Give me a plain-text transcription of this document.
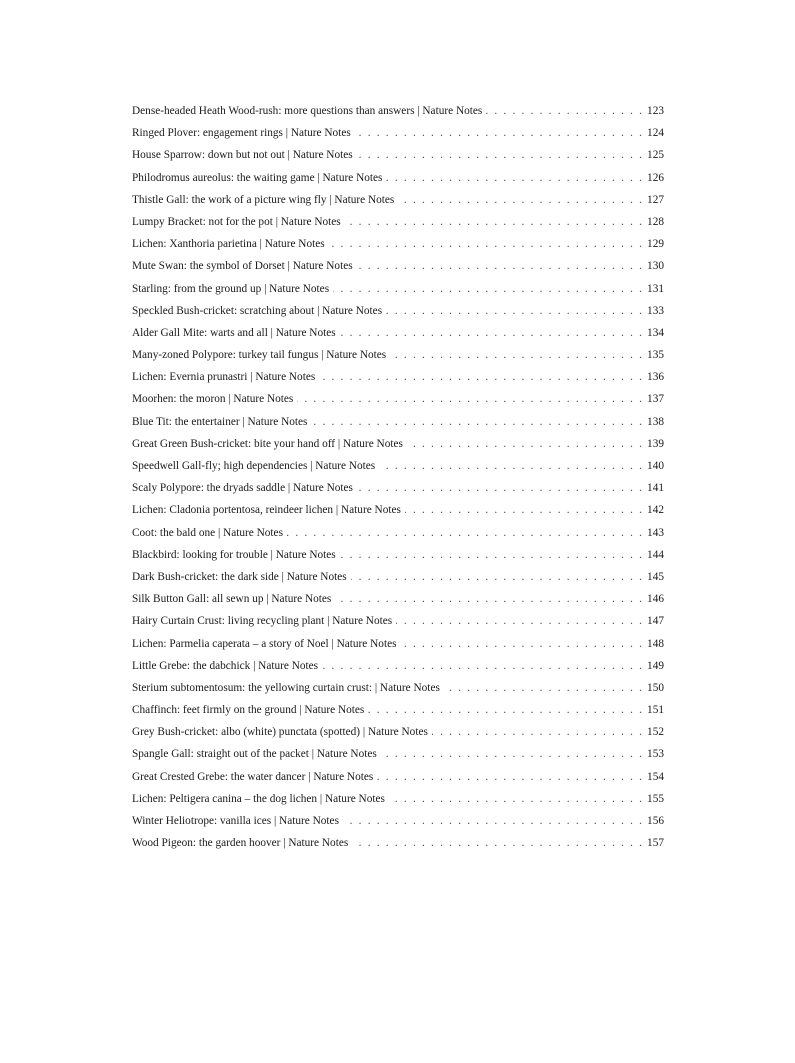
Dense-headed Heath Wood-rush: more questions than answers | Nature Notes . . .	123
Ringed Plover: engagement rings | Nature Notes . . .	124
House Sparrow: down but not out | Nature Notes . . .	125
Philodromus aureolus: the waiting game | Nature Notes . . .	126
Thistle Gall: the work of a picture wing fly | Nature Notes . . .	127
Lumpy Bracket: not for the pot | Nature Notes . . .	128
Lichen: Xanthoria parietina | Nature Notes . . .	129
Mute Swan: the symbol of Dorset | Nature Notes . . .	130
Starling: from the ground up | Nature Notes . . .	131
Speckled Bush-cricket: scratching about | Nature Notes . . .	133
Alder Gall Mite: warts and all | Nature Notes . . .	134
Many-zoned Polypore: turkey tail fungus | Nature Notes . . .	135
Lichen: Evernia prunastri | Nature Notes . . .	136
Moorhen: the moron | Nature Notes . . .	137
Blue Tit: the entertainer | Nature Notes . . .	138
Great Green Bush-cricket: bite your hand off | Nature Notes . . .	139
Speedwell Gall-fly; high dependencies | Nature Notes . . .	140
Scaly Polypore: the dryads saddle | Nature Notes . . .	141
Lichen: Cladonia portentosa, reindeer lichen | Nature Notes . . .	142
Coot: the bald one | Nature Notes . . .	143
Blackbird: looking for trouble | Nature Notes . . .	144
Dark Bush-cricket: the dark side | Nature Notes . . .	145
Silk Button Gall: all sewn up | Nature Notes . . .	146
Hairy Curtain Crust: living recycling plant | Nature Notes . . .	147
Lichen: Parmelia caperata – a story of Noel | Nature Notes . . .	148
Little Grebe: the dabchick | Nature Notes . . .	149
Sterium subtomentosum: the yellowing curtain crust: | Nature Notes . . .	150
Chaffinch: feet firmly on the ground | Nature Notes . . .	151
Grey Bush-cricket: albo (white) punctata (spotted) | Nature Notes . . .	152
Spangle Gall: straight out of the packet | Nature Notes . . .	153
Great Crested Grebe: the water dancer | Nature Notes . . .	154
Lichen: Peltigera canina – the dog lichen | Nature Notes . . .	155
Winter Heliotrope: vanilla ices | Nature Notes . . .	156
Wood Pigeon: the garden hoover | Nature Notes . . .	157
